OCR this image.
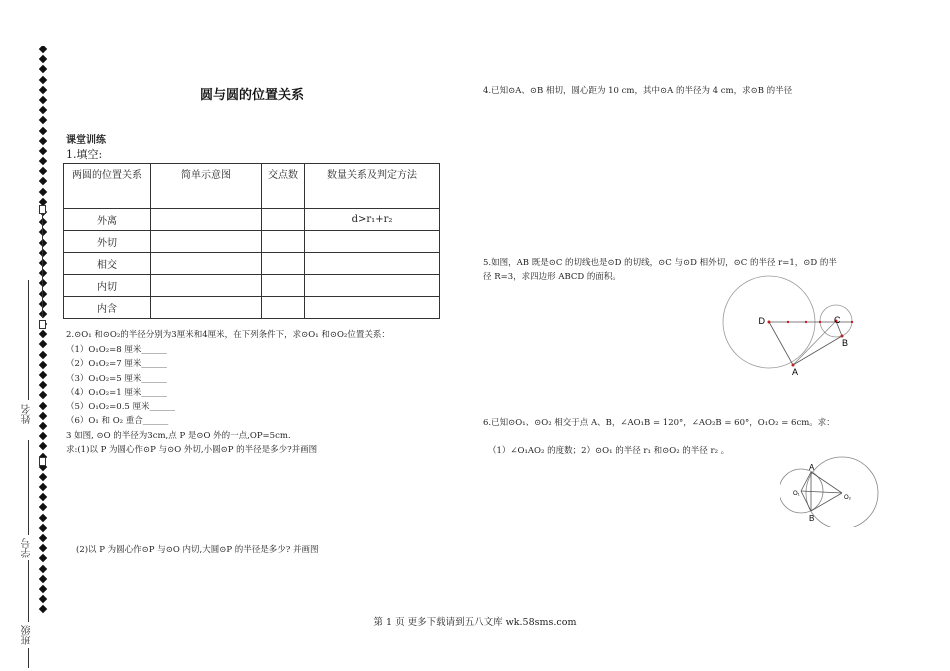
姓名
学号
班级
圆与圆的位置关系
课堂训练
1.填空:
两圆的位置关系	简单示意图	交点数	数量关系及判定方法
外离			d>r₁+r₂
外切			
相交			
内切			
内含			
2.⊙O₁ 和⊙O₂的半径分别为3厘米和4厘米，在下列条件下，求⊙O₁ 和⊙O₂位置关系：
（1）O₁O₂=8 厘米______
（2）O₁O₂=7 厘米______
（3）O₁O₂=5 厘米______
（4）O₁O₂=1 厘米______
（5）O₁O₂=0.5 厘米______
（6）O₁ 和 O₂ 重合______
3 如图, ⊙O 的半径为3cm,点 P 是⊙O 外的一点,OP=5cm.
求:(1)以 P 为圆心作⊙P 与⊙O 外切,小圆⊙P 的半径是多少?并画图
(2)以 P 为圆心作⊙P 与⊙O 内切,大圆⊙P 的半径是多少? 并画图
4.已知⊙A、⊙B 相切，圆心距为 10 cm，其中⊙A 的半径为 4 cm，求⊙B 的半径
5.如图，AB 既是⊙C 的切线也是⊙D 的切线，⊙C 与⊙D 相外切，⊙C 的半径 r=1，⊙D 的半
径 R=3，求四边形 ABCD 的面积。
D	C
A
B
6.已知⊙O₁、⊙O₂ 相交于点 A、B，∠AO₁B = 120°，∠AO₂B = 60°，O₁O₂ = 6cm。求：
（1）∠O₁AO₂ 的度数；2）⊙O₁ 的半径 r₁ 和⊙O₂ 的半径 r₂ 。
A
B
O₁
O₂
第 1 页 更多下载请到五八文库 wk.58sms.com
